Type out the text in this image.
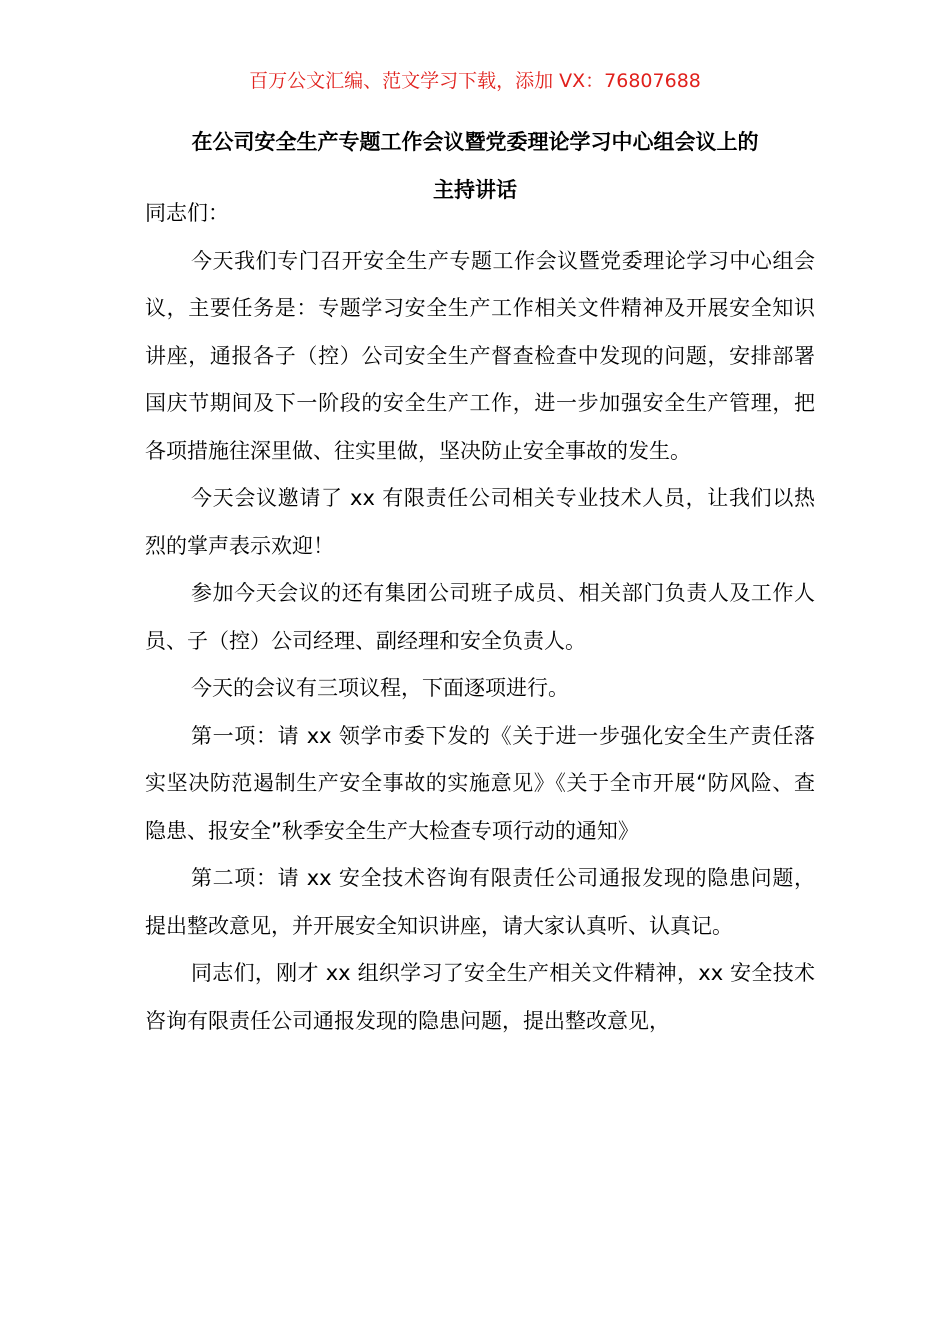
百万公文汇编、范文学习下载，添加 VX：76807688
在公司安全生产专题工作会议暨党委理论学习中心组会议上的
主持讲话

同志们：

今天我们专门召开安全生产专题工作会议暨党委理论学习中心组会议，主要任务是：专题学习安全生产工作相关文件精神及开展安全知识讲座，通报各子（控）公司安全生产督查检查中发现的问题，安排部署国庆节期间及下一阶段的安全生产工作，进一步加强安全生产管理，把各项措施往深里做、往实里做，坚决防止安全事故的发生。

今天会议邀请了 xx 有限责任公司相关专业技术人员，让我们以热烈的掌声表示欢迎！

参加今天会议的还有集团公司班子成员、相关部门负责人及工作人员、子（控）公司经理、副经理和安全负责人。

今天的会议有三项议程，下面逐项进行。

第一项：请 xx 领学市委下发的《关于进一步强化安全生产责任落实坚决防范遏制生产安全事故的实施意见》《关于全市开展“防风险、查隐患、报安全”秋季安全生产大检查专项行动的通知》

第二项：请 xx 安全技术咨询有限责任公司通报发现的隐患问题，提出整改意见，并开展安全知识讲座，请大家认真听、认真记。

同志们，刚才 xx 组织学习了安全生产相关文件精神，xx 安全技术咨询有限责任公司通报发现的隐患问题，提出整改意见，
